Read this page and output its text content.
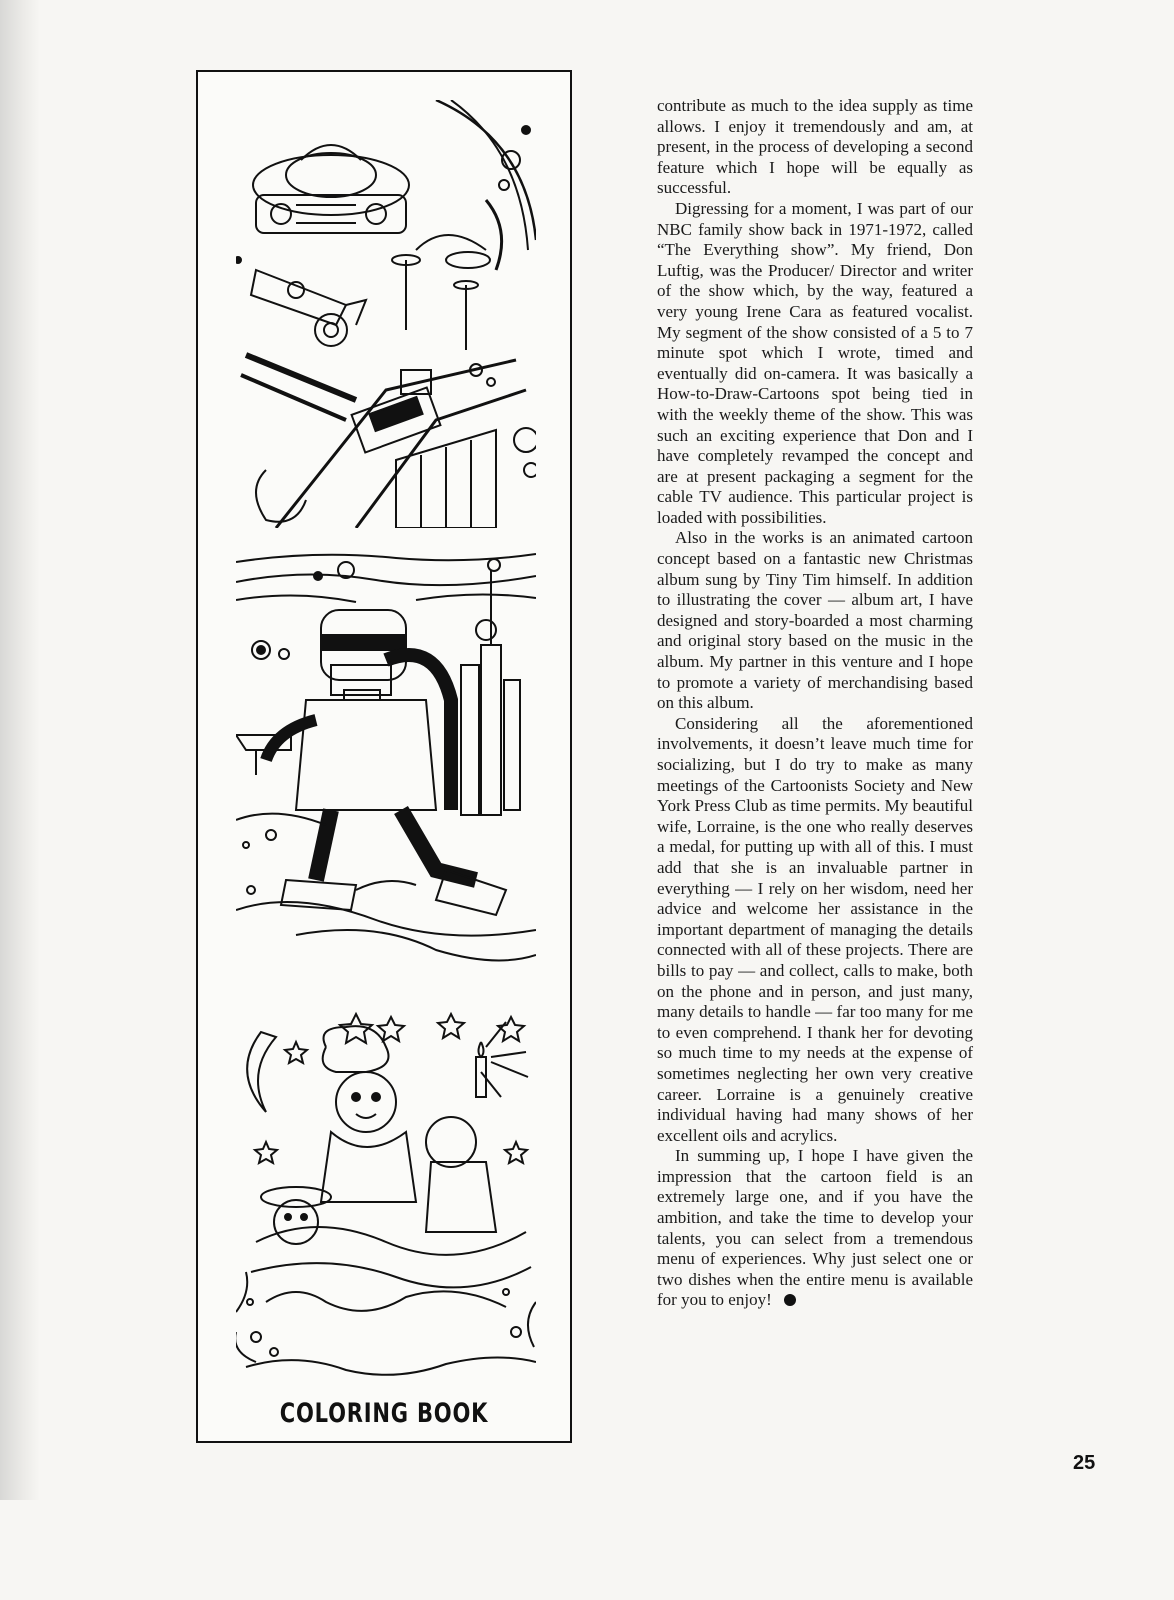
COLORING BOOK

contribute as much to the idea supply as time allows. I enjoy it tremendously and am, at present, in the process of developing a second feature which I hope will be equally as successful.

Digressing for a moment, I was part of our NBC family show back in 1971-1972, called “The Everything show”. My friend, Don Luftig, was the Producer/ Director and writer of the show which, by the way, featured a very young Irene Cara as featured vocalist. My segment of the show consisted of a 5 to 7 minute spot which I wrote, timed and eventually did on-camera. It was basically a How-to-Draw-Cartoons spot being tied in with the weekly theme of the show. This was such an exciting experience that Don and I have completely revamped the concept and are at present packaging a segment for the cable TV audience. This particular project is loaded with possibilities.

Also in the works is an animated cartoon concept based on a fantastic new Christmas album sung by Tiny Tim himself. In addition to illustrating the cover — album art, I have designed and story-boarded a most charming and original story based on the music in the album. My partner in this venture and I hope to promote a variety of merchandising based on this album.

Considering all the aforementioned involvements, it doesn’t leave much time for socializing, but I do try to make as many meetings of the Cartoonists Society and New York Press Club as time permits. My beautiful wife, Lorraine, is the one who really deserves a medal, for putting up with all of this. I must add that she is an invaluable partner in everything — I rely on her wisdom, need her advice and welcome her assistance in the important department of managing the details connected with all of these projects. There are bills to pay — and collect, calls to make, both on the phone and in person, and just many, many details to handle — far too many for me to even comprehend. I thank her for devoting so much time to my needs at the expense of sometimes neglecting her own very creative career. Lorraine is a genuinely creative individual having had many shows of her excellent oils and acrylics.

In summing up, I hope I have given the impression that the cartoon field is an extremely large one, and if you have the ambition, and take the time to develop your talents, you can select from a tremendous menu of experiences. Why just select one or two dishes when the entire menu is available for you to enjoy!

25
